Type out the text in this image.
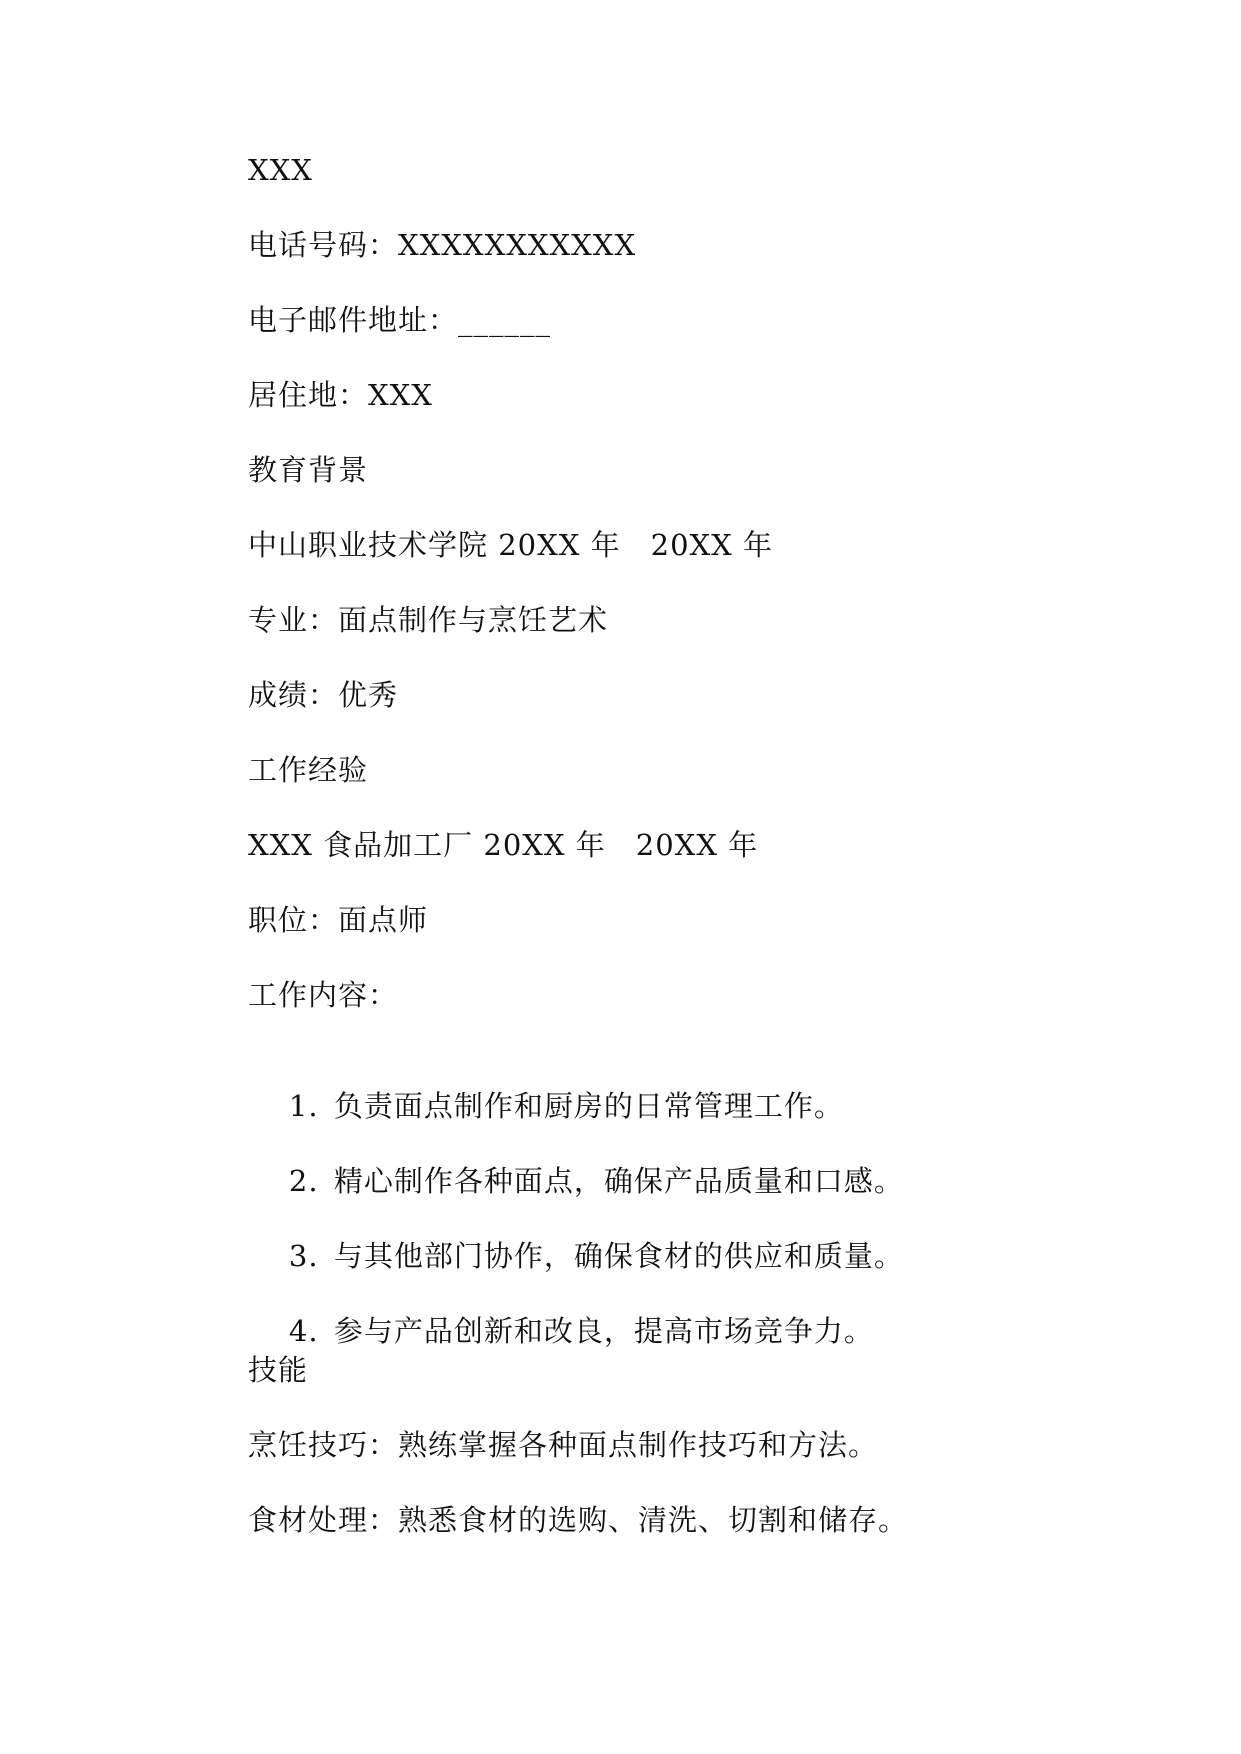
XXX
电话号码：XXXXXXXXXXX
电子邮件地址：______
居住地：XXX
教育背景
中山职业技术学院 20XX 年　20XX 年
专业：面点制作与烹饪艺术
成绩：优秀
工作经验
XXX 食品加工厂 20XX 年　20XX 年
职位：面点师
工作内容：

1. 负责面点制作和厨房的日常管理工作。

2. 精心制作各种面点，确保产品质量和口感。

3. 与其他部门协作，确保食材的供应和质量。

4. 参与产品创新和改良，提高市场竞争力。

技能
烹饪技巧：熟练掌握各种面点制作技巧和方法。
食材处理：熟悉食材的选购、清洗、切割和储存。
